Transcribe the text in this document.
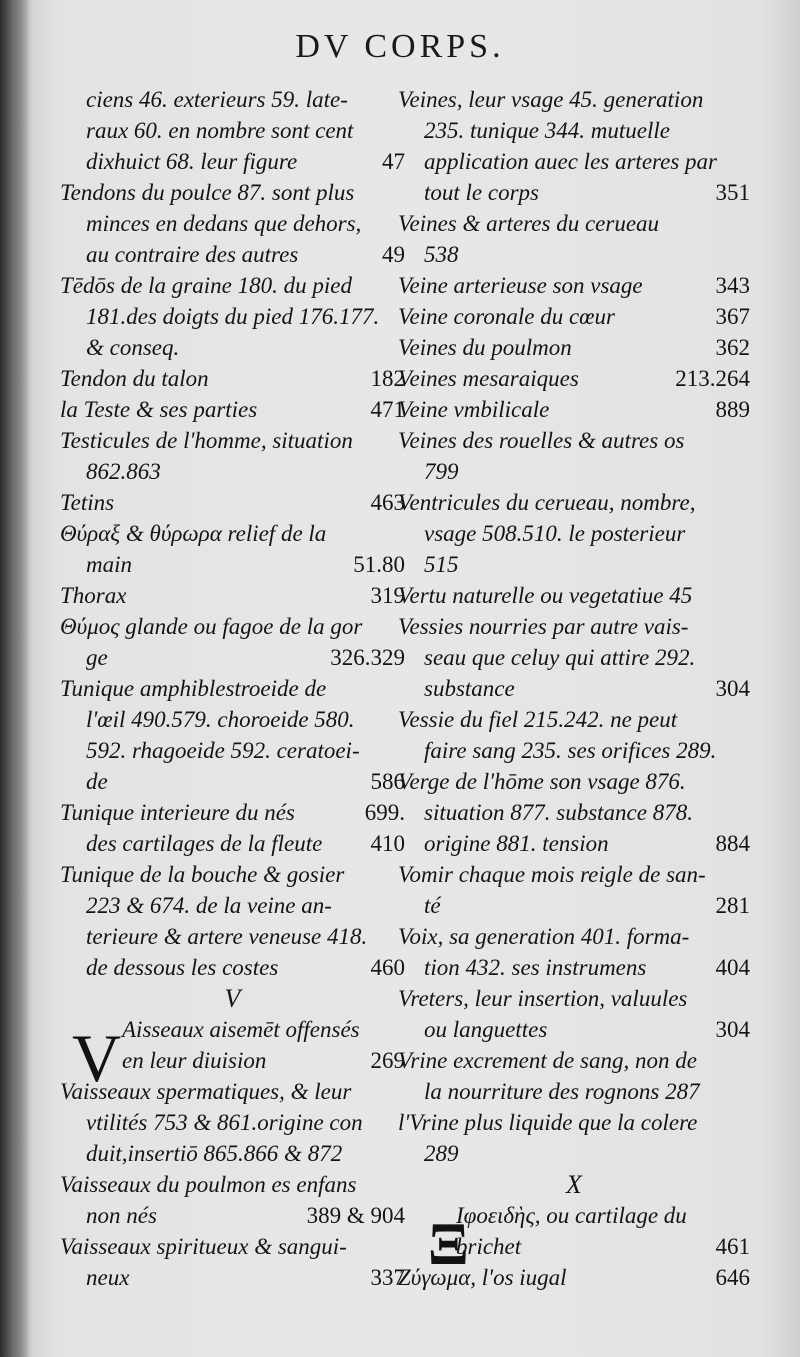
DV CORPS.
ciens 46. exterieurs 59. late-
raux 60. en nombre sont cent
dixhuict 68. leur figure	47
Tendons du poulce 87. sont plus
minces en dedans que dehors,
au contraire des autres	49
Tēdōs de la graine 180. du pied
181.des doigts du pied 176.177.
& conseq.
Tendon du talon	182
la Teste & ses parties	471
Testicules de l'homme, situation
862.863
Tetins	463
Θύραξ & θύρωρα relief de la
main	51.80
Thorax	319
Θύμος glande ou fagoe de la gor
ge	326.329
Tunique amphiblestroeide de
l'œil 490.579. choroeide 580.
592. rhagoeide 592. ceratoei-
de	586
Tunique interieure du nés	699.
des cartilages de la fleute 410
Tunique de la bouche & gosier
223 & 674. de la veine an-
terieure & artere veneuse 418.
de dessous les costes	460
V
Aisseaux aisemēt offensés
en leur diuision	269
Vaisseaux spermatiques, & leur
vtilités 753 & 861.origine con
duit,insertiō 865.866 & 872
Vaisseaux du poulmon es enfans
non nés	389 & 904
Vaisseaux spiritueux & sangui-
neux	337
Veines, leur vsage 45. generation
235. tunique 344. mutuelle
application auec les arteres par
tout le corps	351
Veines & arteres du cerueau
538
Veine arterieuse son vsage	343
Veine coronale du cœur	367
Veines du poulmon	362
Veines mesaraiques	213.264
Veine vmbilicale	889
Veines des rouelles & autres os
799
Ventricules du cerueau, nombre,
vsage 508.510. le posterieur
515
Vertu naturelle ou vegetatiue 45
Vessies nourries par autre vais-
seau que celuy qui attire 292.
substance	304
Vessie du fiel 215.242. ne peut
faire sang 235. ses orifices 289.
Verge de l'hōme son vsage 876.
situation 877. substance 878.
origine 881. tension	884
Vomir chaque mois reigle de san-
té	281
Voix, sa generation 401. forma-
tion 432. ses instrumens	404
Vreters, leur insertion, valuules
ou languettes	304
Vrine excrement de sang, non de
la nourriture des rognons 287
l'Vrine plus liquide que la colere
289
X
Ιφοειδὴς, ou cartilage du
brichet	461
Ζύγωμα, l'os iugal	646
V
Ξ
